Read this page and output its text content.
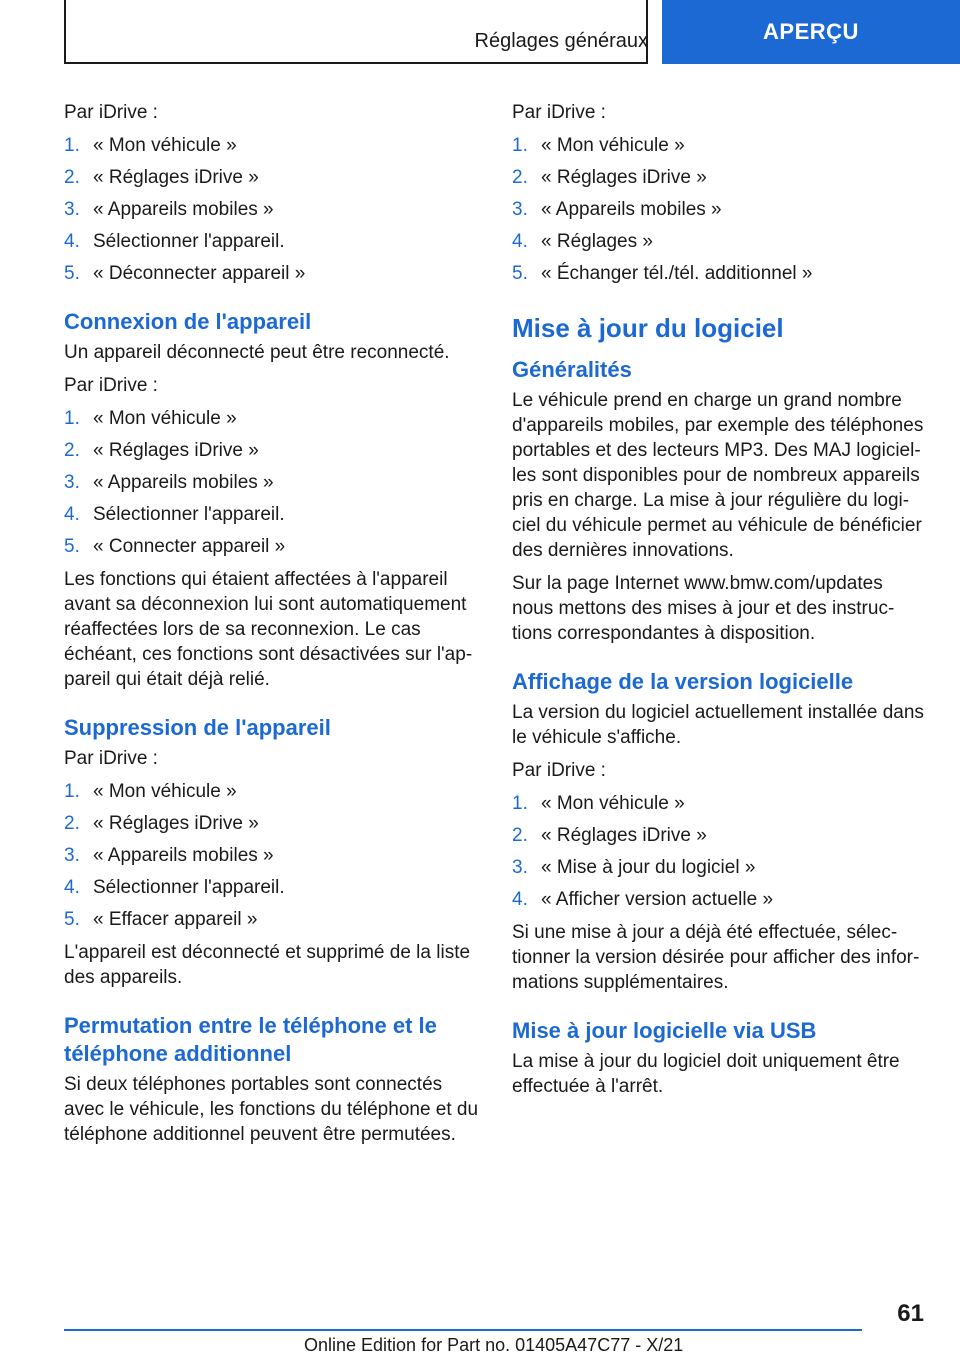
Réglages généraux	APERÇU

Par iDrive :

1. « Mon véhicule »
2. « Réglages iDrive »
3. « Appareils mobiles »
4. Sélectionner l'appareil.
5. « Déconnecter appareil »
Connexion de l'appareil

Un appareil déconnecté peut être reconnecté.

Par iDrive :

1. « Mon véhicule »
2. « Réglages iDrive »
3. « Appareils mobiles »
4. Sélectionner l'appareil.
5. « Connecter appareil »

Les fonctions qui étaient affectées à l'appareil avant sa déconnexion lui sont automatiquement réaffectées lors de sa reconnexion. Le cas échéant, ces fonctions sont désactivées sur l'appareil qui était déjà relié.

Suppression de l'appareil

Par iDrive :

1. « Mon véhicule »
2. « Réglages iDrive »
3. « Appareils mobiles »
4. Sélectionner l'appareil.
5. « Effacer appareil »

L'appareil est déconnecté et supprimé de la liste des appareils.

Permutation entre le téléphone et le téléphone additionnel

Si deux téléphones portables sont connectés avec le véhicule, les fonctions du téléphone et du téléphone additionnel peuvent être permutées.

Par iDrive :

1. « Mon véhicule »
2. « Réglages iDrive »
3. « Appareils mobiles »
4. « Réglages »
5. « Échanger tél./tél. additionnel »
Mise à jour du logiciel
Généralités

Le véhicule prend en charge un grand nombre d'appareils mobiles, par exemple des téléphones portables et des lecteurs MP3. Des MAJ logicielles sont disponibles pour de nombreux appareils pris en charge. La mise à jour régulière du logiciel du véhicule permet au véhicule de bénéficier des dernières innovations.

Sur la page Internet www.bmw.com/updates nous mettons des mises à jour et des instructions correspondantes à disposition.

Affichage de la version logicielle

La version du logiciel actuellement installée dans le véhicule s'affiche.

Par iDrive :

1. « Mon véhicule »
2. « Réglages iDrive »
3. « Mise à jour du logiciel »
4. « Afficher version actuelle »

Si une mise à jour a déjà été effectuée, sélectionner la version désirée pour afficher des informations supplémentaires.

Mise à jour logicielle via USB

La mise à jour du logiciel doit uniquement être effectuée à l'arrêt.

61
Online Edition for Part no. 01405A47C77 - X/21
